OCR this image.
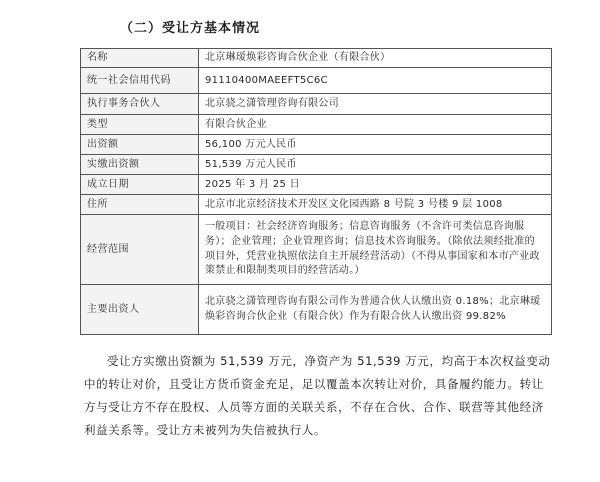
（二）受让方基本情况
名称	北京琳瑷焕彩咨询合伙企业（有限合伙）
统一社会信用代码	91110400MAEEFT5C6C
执行事务合伙人	北京骁之潇管理咨询有限公司
类型	有限合伙企业
出资额	56,100 万元人民币
实缴出资额	51,539 万元人民币
成立日期	2025 年 3 月 25 日
住所	北京市北京经济技术开发区文化园西路 8 号院 3 号楼 9 层 1008
经营范围	一般项目：社会经济咨询服务；信息咨询服务（不含许可类信息咨询服务）；企业管理；企业管理咨询；信息技术咨询服务。（除依法须经批准的项目外，凭营业执照依法自主开展经营活动）（不得从事国家和本市产业政策禁止和限制类项目的经营活动。）
主要出资人	北京骁之潇管理咨询有限公司作为普通合伙人认缴出资 0.18%；北京琳瑷焕彩咨询合伙企业（有限合伙）作为有限合伙人认缴出资 99.82%

受让方实缴出资额为 51,539 万元，净资产为 51,539 万元，均高于本次权益变动中的转让对价，且受让方货币资金充足，足以覆盖本次转让对价，具备履约能力。转让方与受让方不存在股权、人员等方面的关联关系，不存在合伙、合作、联营等其他经济利益关系等。受让方未被列为失信被执行人。
